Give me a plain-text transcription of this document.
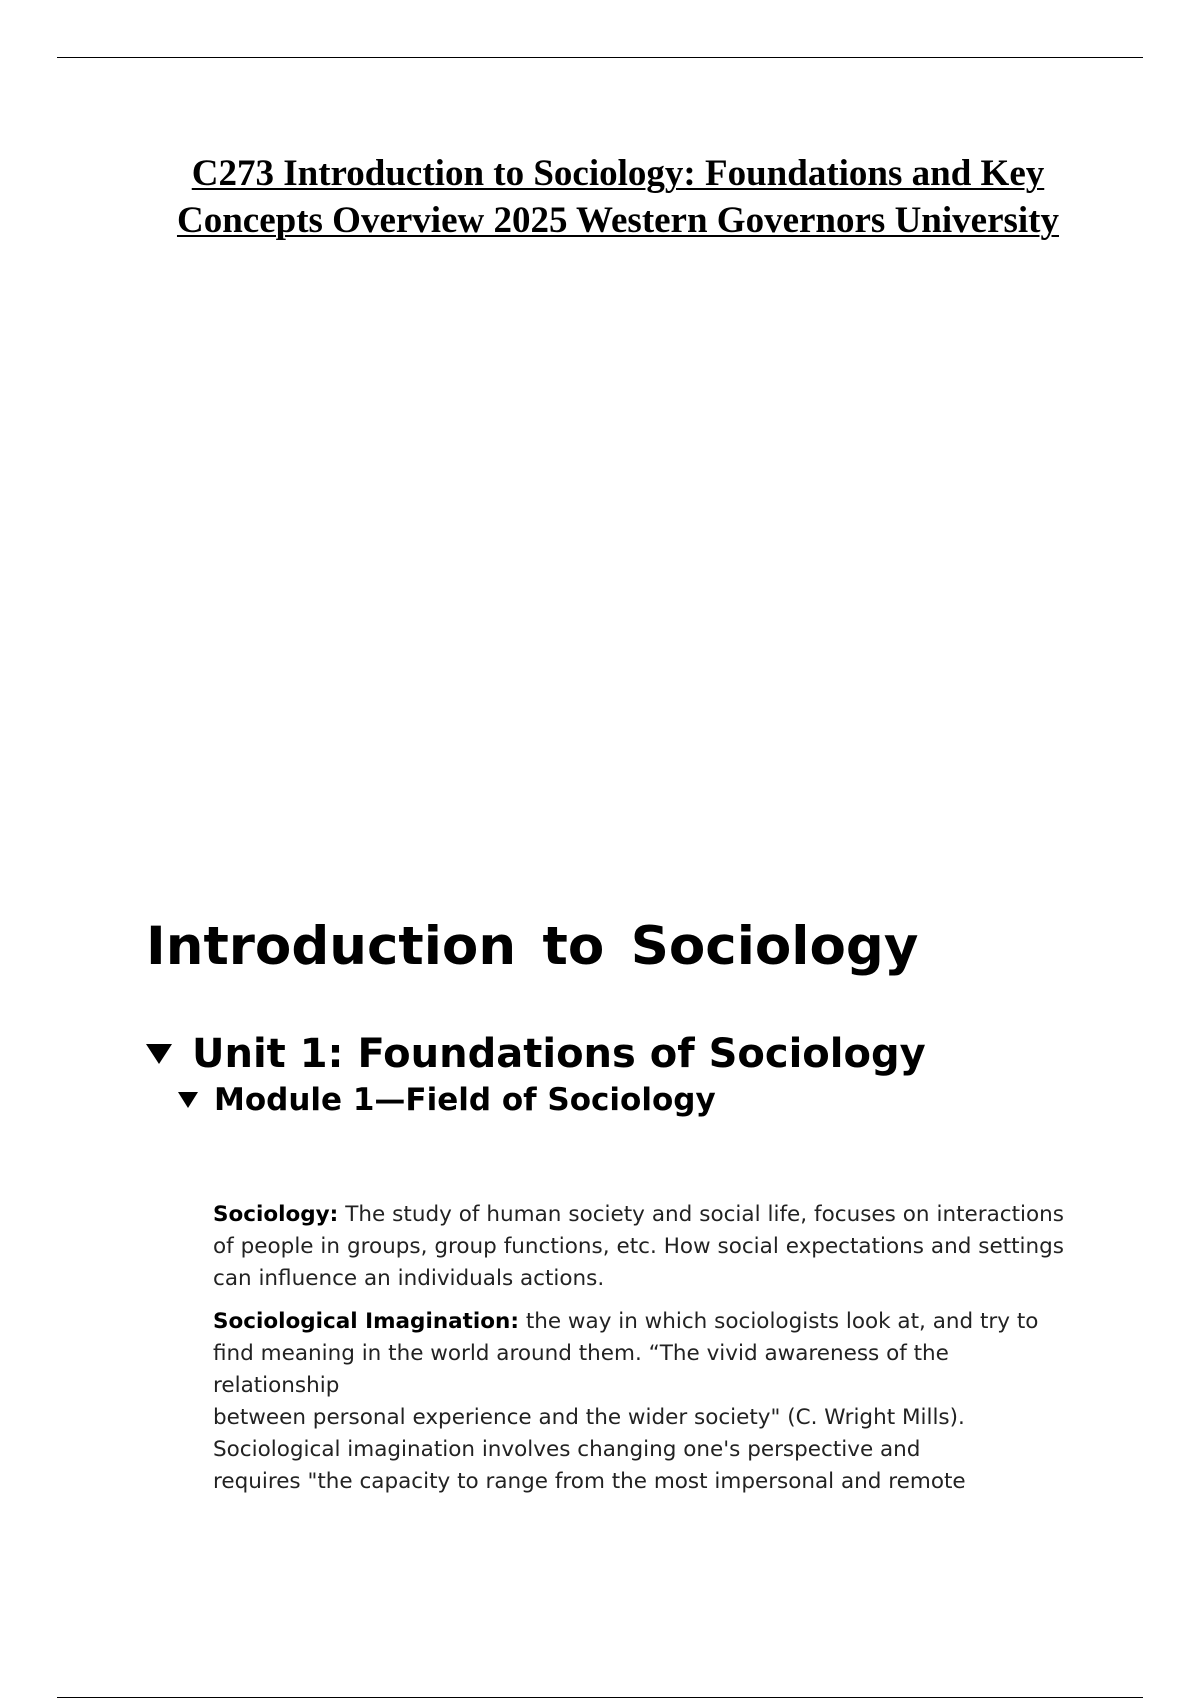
C273 Introduction to Sociology: Foundations and Key Concepts Overview 2025 Western Governors University
Introduction to Sociology
Unit 1: Foundations of Sociology
Module 1—Field of Sociology

Sociology: The study of human society and social life, focuses on interactions of people in groups, group functions, etc. How social expectations and settings can influence an individuals actions.

Sociological Imagination: the way in which sociologists look at, and try to
find meaning in the world around them. “The vivid awareness of the
relationship
between personal experience and the wider society" (C. Wright Mills).
Sociological imagination involves changing one's perspective and
requires "the capacity to range from the most impersonal and remote
